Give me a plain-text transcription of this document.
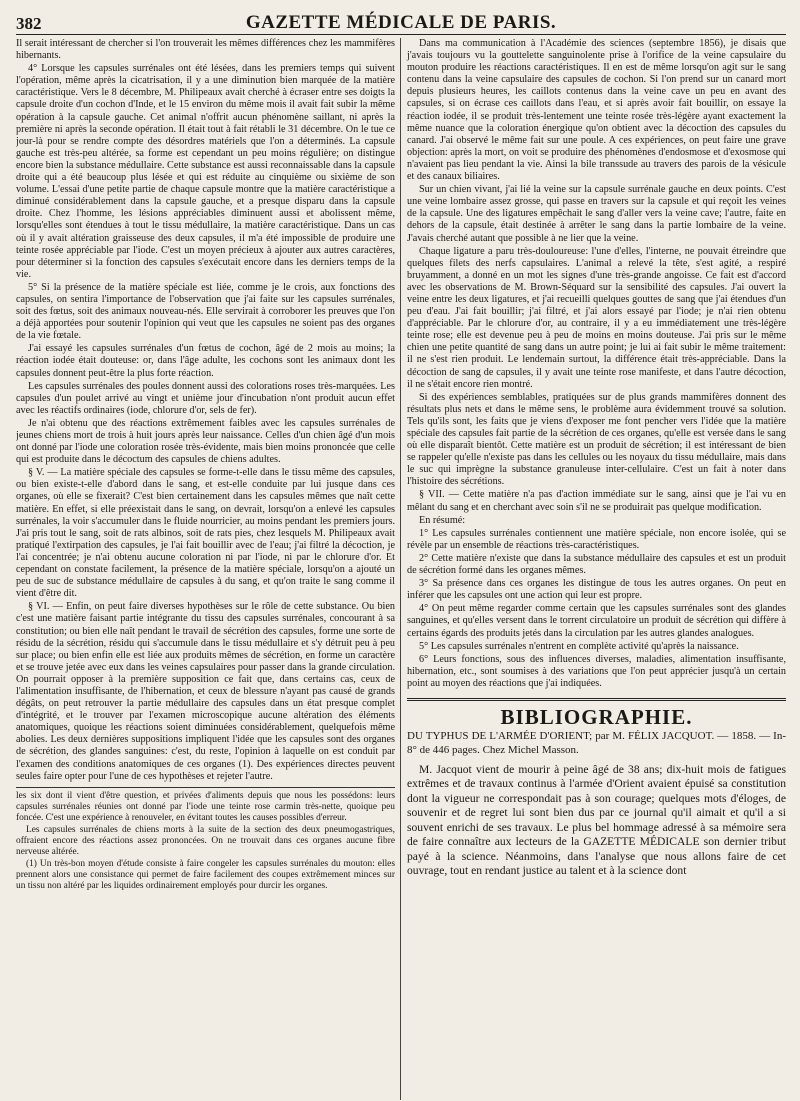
382	GAZETTE MÉDICALE DE PARIS.

Il serait intéressant de chercher si l'on trouverait les mêmes différences chez les mammifères hibernants.

4° Lorsque les capsules surrénales ont été lésées, dans les premiers temps qui suivent l'opération, même après la cicatrisation, il y a une diminution bien marquée de la matière caractéristique. Vers le 8 décembre, M. Philipeaux avait cherché à écraser entre ses doigts la capsule droite d'un cochon d'Inde, et le 15 environ du même mois il avait fait subir la même opération à la capsule gauche. Cet animal n'offrit aucun phénomène saillant, ni après la première ni après la seconde opération. Il était tout à fait rétabli le 31 décembre. On le tue ce jour-là pour se rendre compte des désordres matériels que l'on a déterminés. La capsule gauche est très-peu altérée, sa forme est cependant un peu moins régulière; on distingue encore bien la substance médullaire. Cette substance est aussi reconnaissable dans la capsule droite qui a été beaucoup plus lésée et qui est réduite au cinquième ou sixième de son volume. L'essai d'une petite partie de chaque capsule montre que la matière caractéristique a diminué considérablement dans la capsule gauche, et a presque disparu dans la capsule droite. Chez l'homme, les lésions appréciables diminuent aussi et abolissent même, lorsqu'elles sont étendues à tout le tissu médullaire, la matière caractéristique. Dans un cas où il y avait altération graisseuse des deux capsules, il m'a été impossible de produire une teinte rosée appréciable par l'iode. C'est un moyen précieux à ajouter aux autres caractères, pour déterminer si la fonction des capsules s'exécutait encore dans les derniers temps de la vie.

5° Si la présence de la matière spéciale est liée, comme je le crois, aux fonctions des capsules, on sentira l'importance de l'observation que j'ai faite sur les capsules surrénales, soit des fœtus, soit des animaux nouveau-nés. Elle servirait à corroborer les preuves que l'on a déjà apportées pour soutenir l'opinion qui veut que les capsules ne soient pas des organes de la vie fœtale.

J'ai essayé les capsules surrénales d'un fœtus de cochon, âgé de 2 mois au moins; la réaction iodée était douteuse: or, dans l'âge adulte, les cochons sont les animaux dont les capsules donnent peut-être la plus forte réaction.

Les capsules surrénales des poules donnent aussi des colorations roses très-marquées. Les capsules d'un poulet arrivé au vingt et unième jour d'incubation n'ont produit aucun effet avec les réactifs ordinaires (iode, chlorure d'or, sels de fer).

Je n'ai obtenu que des réactions extrêmement faibles avec les capsules surrénales de jeunes chiens mort de trois à huit jours après leur naissance. Celles d'un chien âgé d'un mois ont donné par l'iode une coloration rosée très-évidente, mais bien moins prononcée que celle qui est produite dans le décoctum des capsules de chiens adultes.

§ V. — La matière spéciale des capsules se forme-t-elle dans le tissu même des capsules, ou bien existe-t-elle d'abord dans le sang, et est-elle conduite par lui jusque dans ces organes, où elle se fixerait? C'est bien certainement dans les capsules mêmes que naît cette matière. En effet, si elle préexistait dans le sang, on devrait, lorsqu'on a enlevé les capsules surrénales, la voir s'accumuler dans le fluide nourricier, au moins pendant les premiers jours. J'ai pris tout le sang, soit de rats albinos, soit de rats pies, chez lesquels M. Philipeaux avait pratiqué l'extirpation des capsules, je l'ai fait bouillir avec de l'eau; j'ai filtré la décoction, je l'ai concentrée; je n'ai obtenu aucune coloration ni par l'iode, ni par le chlorure d'or. Et cependant on constate facilement, la présence de la matière spéciale, lorsqu'on a ajouté un peu de suc de substance médullaire de capsules à du sang, et qu'on traite le sang comme il vient d'être dit.

§ VI. — Enfin, on peut faire diverses hypothèses sur le rôle de cette substance. Ou bien c'est une matière faisant partie intégrante du tissu des capsules surrénales, concourant à sa constitution; ou bien elle naît pendant le travail de sécrétion des capsules, forme une sorte de résidu de la sécrétion, résidu qui s'accumule dans le tissu médullaire et s'y détruit peu à peu sur place; ou bien enfin elle est liée aux produits mêmes de sécrétion, en forme un caractère et se trouve jetée avec eux dans les veines capsulaires pour passer dans la grande circulation. On pourrait opposer à la première supposition ce fait que, dans certains cas, ceux de l'alimentation insuffisante, de l'hibernation, et ceux de blessure n'ayant pas causé de grands dégâts, on peut retrouver la partie médullaire des capsules dans un état presque complet d'intégrité, et le trouver par l'examen microscopique aucune altération des éléments anatomiques, quoique les réactions soient diminuées considérablement, quelquefois même abolies. Les deux dernières suppositions impliquent l'idée que les capsules sont des organes de sécrétion, des glandes sanguines: c'est, du reste, l'opinion à laquelle on est conduit par l'examen des conditions anatomiques de ces organes (1). Des expériences directes peuvent seules faire opter pour l'une de ces hypothèses et rejeter l'autre.

les six dont il vient d'être question, et privées d'aliments depuis que nous les possédons: leurs capsules surrénales réunies ont donné par l'iode une teinte rose carmin très-nette, quoique peu foncée. C'est une expérience à renouveler, en évitant toutes les causes possibles d'erreur.

Les capsules surrénales de chiens morts à la suite de la section des deux pneumogastriques, offraient encore des réactions assez prononcées. On ne trouvait dans ces organes aucune fibre nerveuse altérée.

(1) Un très-bon moyen d'étude consiste à faire congeler les capsules surrénales du mouton: elles prennent alors une consistance qui permet de faire facilement des coupes extrêmement minces sur un tissu non altéré par les liquides ordinairement employés pour durcir les organes.

Dans ma communication à l'Académie des sciences (septembre 1856), je disais que j'avais toujours vu la gouttelette sanguinolente prise à l'orifice de la veine capsulaire du mouton produire les réactions caractéristiques. Il en est de même lorsqu'on agit sur le sang contenu dans la veine capsulaire des capsules de cochon. Si l'on prend sur un canard mort depuis plusieurs heures, les caillots contenus dans la veine cave un peu en avant des capsules, si on écrase ces caillots dans l'eau, et si après avoir fait bouillir, on essaye la réaction iodée, il se produit très-lentement une teinte rosée très-légère ayant exactement la même nuance que la coloration énergique qu'on obtient avec la décoction des capsules du canard. J'ai observé le même fait sur une poule. A ces expériences, on peut faire une grave objection: après la mort, on voit se produire des phénomènes d'endosmose et d'exosmose qui n'avaient pas lieu pendant la vie. Ainsi la bile transsude au travers des parois de la vésicule et des canaux biliaires.

Sur un chien vivant, j'ai lié la veine sur la capsule surrénale gauche en deux points. C'est une veine lombaire assez grosse, qui passe en travers sur la capsule et qui reçoit les veines de la capsule. Une des ligatures empêchait le sang d'aller vers la veine cave; l'autre, faite en dehors de la capsule, était destinée à arrêter le sang dans la partie lombaire de la veine. J'avais cherché autant que possible à ne lier que la veine.

Chaque ligature a paru très-douloureuse: l'une d'elles, l'interne, ne pouvait étreindre que quelques filets des nerfs capsulaires. L'animal a relevé la tête, s'est agité, a respiré bruyamment, a donné en un mot les signes d'une très-grande angoisse. Ce fait est d'accord avec les observations de M. Brown-Séquard sur la sensibilité des capsules. J'ai ouvert la veine entre les deux ligatures, et j'ai recueilli quelques gouttes de sang que j'ai étendues d'un peu d'eau. J'ai fait bouillir; j'ai filtré, et j'ai alors essayé par l'iode; je n'ai rien obtenu d'appréciable. Par le chlorure d'or, au contraire, il y a eu immédiatement une très-légère teinte rose; elle est devenue peu à peu de moins en moins douteuse. J'ai pris sur le même chien une petite quantité de sang dans un autre point; je lui ai fait subir le même traitement: il ne s'est rien produit. Le lendemain surtout, la différence était très-appréciable. Dans la décoction de sang de capsules, il y avait une teinte rose manifeste, et dans l'autre décoction, il ne s'était encore rien montré.

Si des expériences semblables, pratiquées sur de plus grands mammifères donnent des résultats plus nets et dans le même sens, le problème aura évidemment trouvé sa solution. Tels qu'ils sont, les faits que je viens d'exposer me font pencher vers l'idée que la matière spéciale des capsules fait partie de la sécrétion de ces organes, qu'elle est versée dans le sang où elle disparaît bientôt. Cette matière est un produit de sécrétion; il est intéressant de bien se rappeler qu'elle n'existe pas dans les cellules ou les noyaux du tissu médullaire, mais dans le suc qui imprègne la substance granuleuse inter-cellulaire. C'est un fait à noter dans l'histoire des sécrétions.

§ VII. — Cette matière n'a pas d'action immédiate sur le sang, ainsi que je l'ai vu en mêlant du sang et en cherchant avec soin s'il ne se produirait pas quelque modification.

En résumé:

1° Les capsules surrénales contiennent une matière spéciale, non encore isolée, qui se révèle par un ensemble de réactions très-caractéristiques.

2° Cette matière n'existe que dans la substance médullaire des capsules et est un produit de sécrétion formé dans les organes mêmes.

3° Sa présence dans ces organes les distingue de tous les autres organes. On peut en inférer que les capsules ont une action qui leur est propre.

4° On peut même regarder comme certain que les capsules surrénales sont des glandes sanguines, et qu'elles versent dans le torrent circulatoire un produit de sécrétion qui diffère à certains égards des produits jetés dans la circulation par les autres glandes analogues.

5° Les capsules surrénales n'entrent en complète activité qu'après la naissance.

6° Leurs fonctions, sous des influences diverses, maladies, alimentation insuffisante, hibernation, etc., sont soumises à des variations que l'on peut apprécier jusqu'à un certain point au moyen des réactions que j'ai indiquées.

BIBLIOGRAPHIE.
DU TYPHUS DE L'ARMÉE D'ORIENT; par M. FÉLIX JACQUOT. — 1858. — In-8° de 446 pages. Chez Michel Masson.

M. Jacquot vient de mourir à peine âgé de 38 ans; dix-huit mois de fatigues extrêmes et de travaux continus à l'armée d'Orient avaient épuisé sa constitution dont la vigueur ne correspondait pas à son courage; quelques mots d'éloges, de souvenir et de regret lui sont bien dus par ce journal qu'il aimait et qu'il a si souvent enrichi de ses travaux. Le plus bel hommage adressé à sa mémoire sera de faire connaître aux lecteurs de la GAZETTE MÉDICALE son dernier tribut payé à la science. Néanmoins, dans l'analyse que nous allons faire de cet ouvrage, tout en rendant justice au talent et à la science dont
